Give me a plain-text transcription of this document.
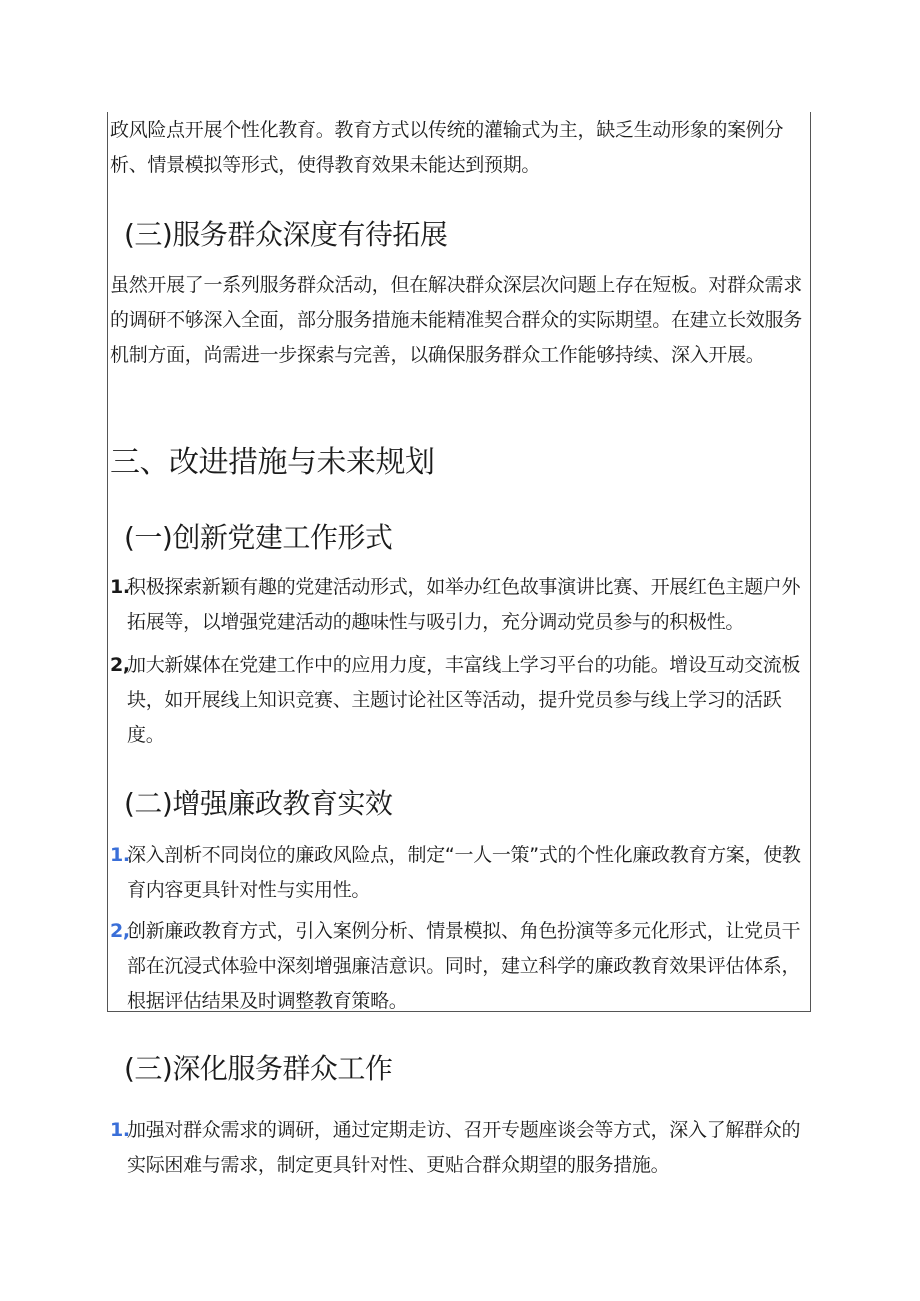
政风险点开展个性化教育。教育方式以传统的灌输式为主，缺乏生动形象的案例分析、情景模拟等形式，使得教育效果未能达到预期。

(三)服务群众深度有待拓展

虽然开展了一系列服务群众活动，但在解决群众深层次问题上存在短板。对群众需求的调研不够深入全面，部分服务措施未能精准契合群众的实际期望。在建立长效服务机制方面，尚需进一步探索与完善，以确保服务群众工作能够持续、深入开展。

三、改进措施与未来规划
(一)创新党建工作形式
1.
积极探索新颖有趣的党建活动形式，如举办红色故事演讲比赛、开展红色主题户外拓展等，以增强党建活动的趣味性与吸引力，充分调动党员参与的积极性。
2,
加大新媒体在党建工作中的应用力度，丰富线上学习平台的功能。增设互动交流板块，如开展线上知识竞赛、主题讨论社区等活动，提升党员参与线上学习的活跃度。
(二)增强廉政教育实效
1.
深入剖析不同岗位的廉政风险点，制定“一人一策”式的个性化廉政教育方案，使教育内容更具针对性与实用性。
2,
创新廉政教育方式，引入案例分析、情景模拟、角色扮演等多元化形式，让党员干部在沉浸式体验中深刻增强廉洁意识。同时，建立科学的廉政教育效果评估体系，根据评估结果及时调整教育策略。
(三)深化服务群众工作
1.
加强对群众需求的调研，通过定期走访、召开专题座谈会等方式，深入了解群众的实际困难与需求，制定更具针对性、更贴合群众期望的服务措施。
